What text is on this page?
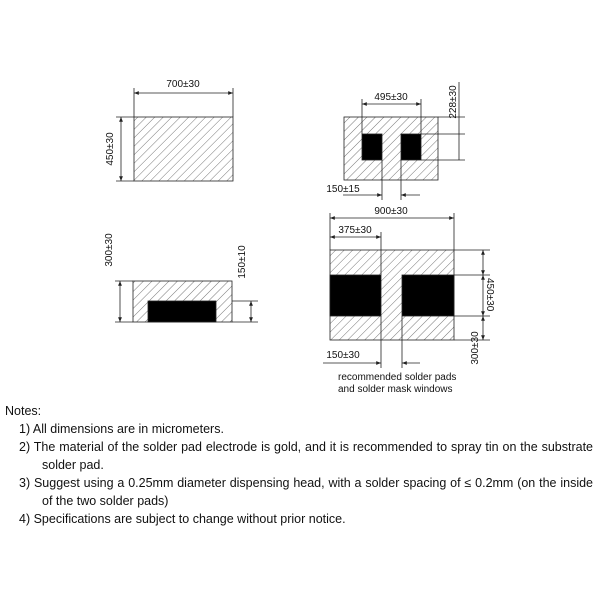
700±30
450±30
300±30	150±10
495±30	228±30
150±15
900±30
375±30
450±30
300±30
150±30
recommended solder pads
and solder mask windows
Notes:
1) All dimensions are in micrometers.
2) The material of the solder pad electrode is gold, and it is recommended to spray tin on the substrate solder pad.
3) Suggest using a 0.25mm diameter dispensing head, with a solder spacing of ≤ 0.2mm (on the inside of the two solder pads)
4) Specifications are subject to change without prior notice.
